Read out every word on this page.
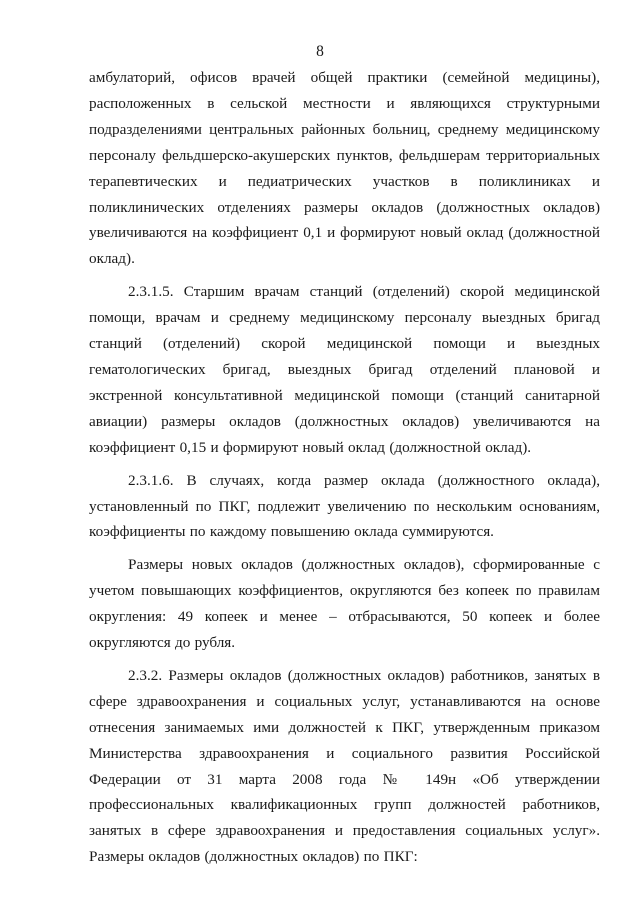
8

амбулаторий, офисов врачей общей практики (семейной медицины), расположенных в сельской местности и являющихся структурными подразделениями центральных районных больниц, среднему медицинскому персоналу фельдшерско-акушерских пунктов, фельдшерам территориальных терапевтических и педиатрических участков в поликлиниках и поликлинических отделениях размеры окладов (должностных окладов) увеличиваются на коэффициент 0,1 и формируют новый оклад (должностной оклад).

2.3.1.5. Старшим врачам станций (отделений) скорой медицинской помощи, врачам и среднему медицинскому персоналу выездных бригад станций (отделений) скорой медицинской помощи и выездных гематологических бригад, выездных бригад отделений плановой и экстренной консультативной медицинской помощи (станций санитарной авиации) размеры окладов (должностных окладов) увеличиваются на коэффициент 0,15 и формируют новый оклад (должностной оклад).

2.3.1.6. В случаях, когда размер оклада (должностного оклада), установленный по ПКГ, подлежит увеличению по нескольким основаниям, коэффициенты по каждому повышению оклада суммируются.

Размеры новых окладов (должностных окладов), сформированные с учетом повышающих коэффициентов, округляются без копеек по правилам округления: 49 копеек и менее – отбрасываются, 50 копеек и более округляются до рубля.

2.3.2. Размеры окладов (должностных окладов) работников, занятых в сфере здравоохранения и социальных услуг, устанавливаются на основе отнесения занимаемых ими должностей к ПКГ, утвержденным приказом Министерства здравоохранения и социального развития Российской Федерации от 31 марта 2008 года № 149н «Об утверждении профессиональных квалификационных групп должностей работников, занятых в сфере здравоохранения и предоставления социальных услуг». Размеры окладов (должностных окладов) по ПКГ:
